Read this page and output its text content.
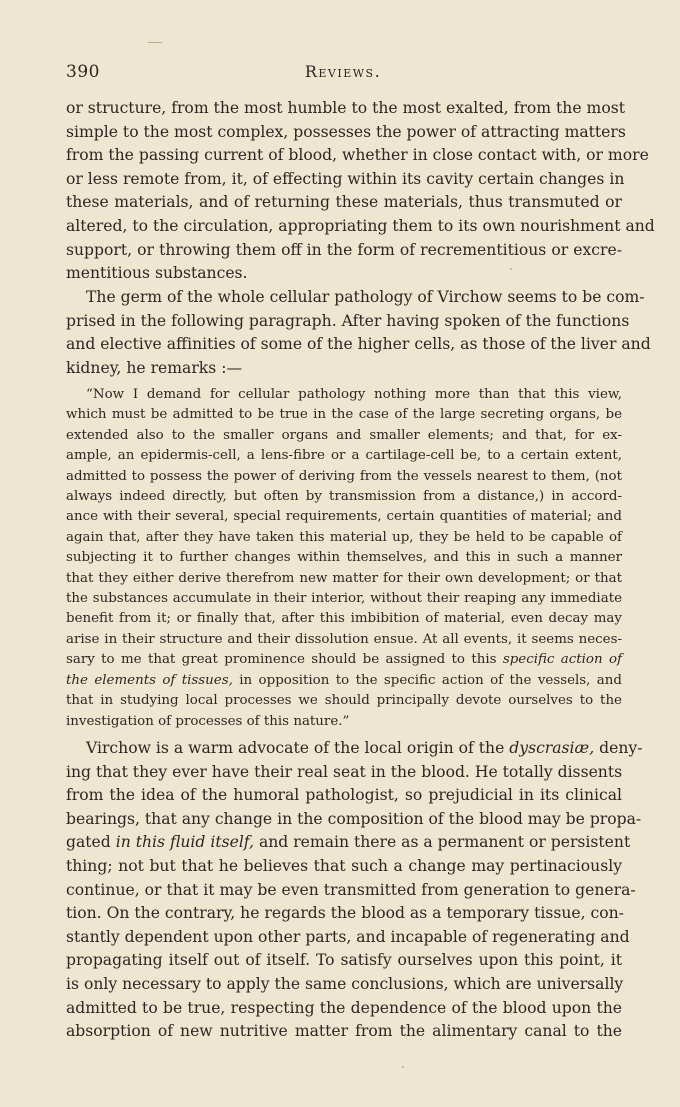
390	Reviews.
or structure, from the most humble to the most exalted, from the most
simple to the most complex, possesses the power of attracting matters
from the passing current of blood, whether in close contact with, or more
or less remote from, it, of effecting within its cavity certain changes in
these materials, and of returning these materials, thus transmuted or
altered, to the circulation, appropriating them to its own nourishment and
support, or throwing them off in the form of recrementitious or excre-
mentitious substances.
The germ of the whole cellular pathology of Virchow seems to be com-
prised in the following paragraph. After having spoken of the functions
and elective affinities of some of the higher cells, as those of the liver and
kidney, he remarks :—
“Now I demand for cellular pathology nothing more than that this view,
which must be admitted to be true in the case of the large secreting organs, be
extended also to the smaller organs and smaller elements; and that, for ex-
ample, an epidermis-cell, a lens-fibre or a cartilage-cell be, to a certain extent,
admitted to possess the power of deriving from the vessels nearest to them, (not
always indeed directly, but often by transmission from a distance,) in accord-
ance with their several, special requirements, certain quantities of material; and
again that, after they have taken this material up, they be held to be capable of
subjecting it to further changes within themselves, and this in such a manner
that they either derive therefrom new matter for their own development; or that
the substances accumulate in their interior, without their reaping any immediate
benefit from it; or finally that, after this imbibition of material, even decay may
arise in their structure and their dissolution ensue. At all events, it seems neces-
sary to me that great prominence should be assigned to this specific action of
the elements of tissues, in opposition to the specific action of the vessels, and
that in studying local processes we should principally devote ourselves to the
investigation of processes of this nature.”
Virchow is a warm advocate of the local origin of the dyscrasiæ, deny-
ing that they ever have their real seat in the blood. He totally dissents
from the idea of the humoral pathologist, so prejudicial in its clinical
bearings, that any change in the composition of the blood may be propa-
gated in this fluid itself, and remain there as a permanent or persistent
thing; not but that he believes that such a change may pertinaciously
continue, or that it may be even transmitted from generation to genera-
tion. On the contrary, he regards the blood as a temporary tissue, con-
stantly dependent upon other parts, and incapable of regenerating and
propagating itself out of itself. To satisfy ourselves upon this point, it
is only necessary to apply the same conclusions, which are universally
admitted to be true, respecting the dependence of the blood upon the
absorption of new nutritive matter from the alimentary canal to the
